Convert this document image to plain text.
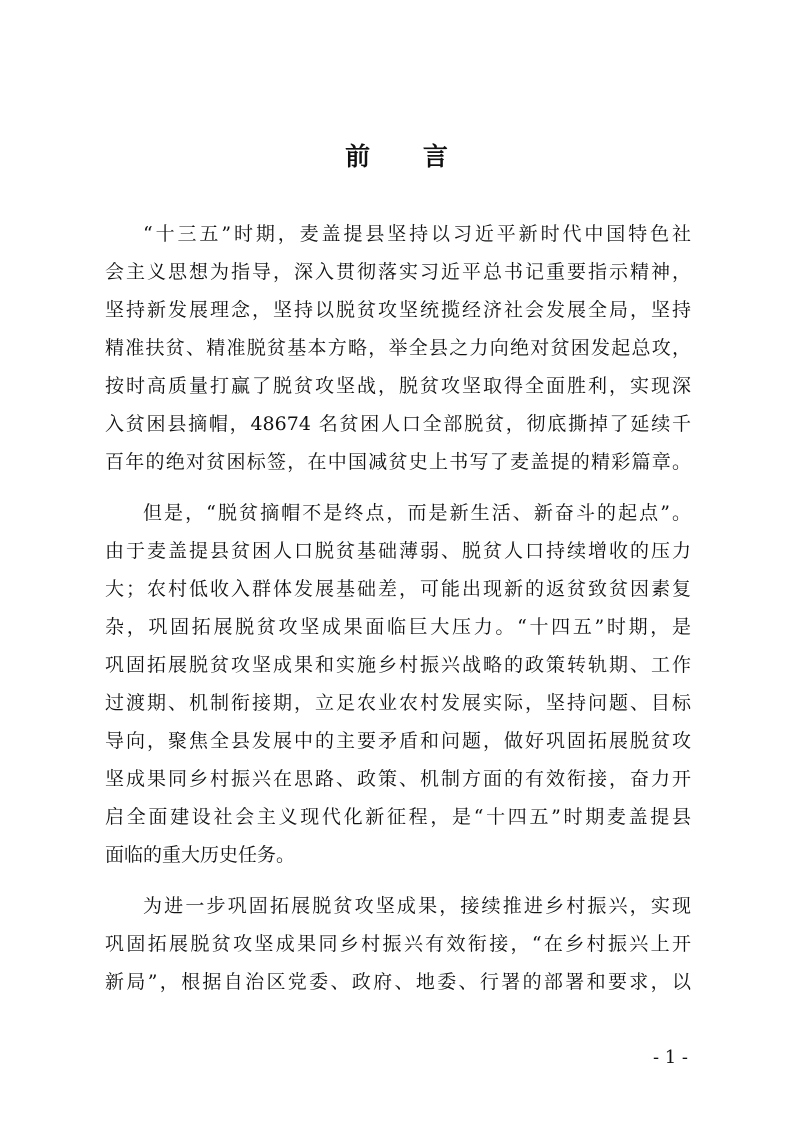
前 言
“十三五”时期，麦盖提县坚持以习近平新时代中国特色社
会主义思想为指导，深入贯彻落实习近平总书记重要指示精神，
坚持新发展理念，坚持以脱贫攻坚统揽经济社会发展全局，坚持
精准扶贫、精准脱贫基本方略，举全县之力向绝对贫困发起总攻，
按时高质量打赢了脱贫攻坚战，脱贫攻坚取得全面胜利，实现深
入贫困县摘帽，48674 名贫困人口全部脱贫，彻底撕掉了延续千
百年的绝对贫困标签，在中国减贫史上书写了麦盖提的精彩篇章。
但是，“脱贫摘帽不是终点，而是新生活、新奋斗的起点”。
由于麦盖提县贫困人口脱贫基础薄弱、脱贫人口持续增收的压力
大；农村低收入群体发展基础差，可能出现新的返贫致贫因素复
杂，巩固拓展脱贫攻坚成果面临巨大压力。“十四五”时期，是
巩固拓展脱贫攻坚成果和实施乡村振兴战略的政策转轨期、工作
过渡期、机制衔接期，立足农业农村发展实际，坚持问题、目标
导向，聚焦全县发展中的主要矛盾和问题，做好巩固拓展脱贫攻
坚成果同乡村振兴在思路、政策、机制方面的有效衔接，奋力开
启全面建设社会主义现代化新征程，是“十四五”时期麦盖提县
面临的重大历史任务。
为进一步巩固拓展脱贫攻坚成果，接续推进乡村振兴，实现
巩固拓展脱贫攻坚成果同乡村振兴有效衔接，“在乡村振兴上开
新局”，根据自治区党委、政府、地委、行署的部署和要求，以
- 1 -
